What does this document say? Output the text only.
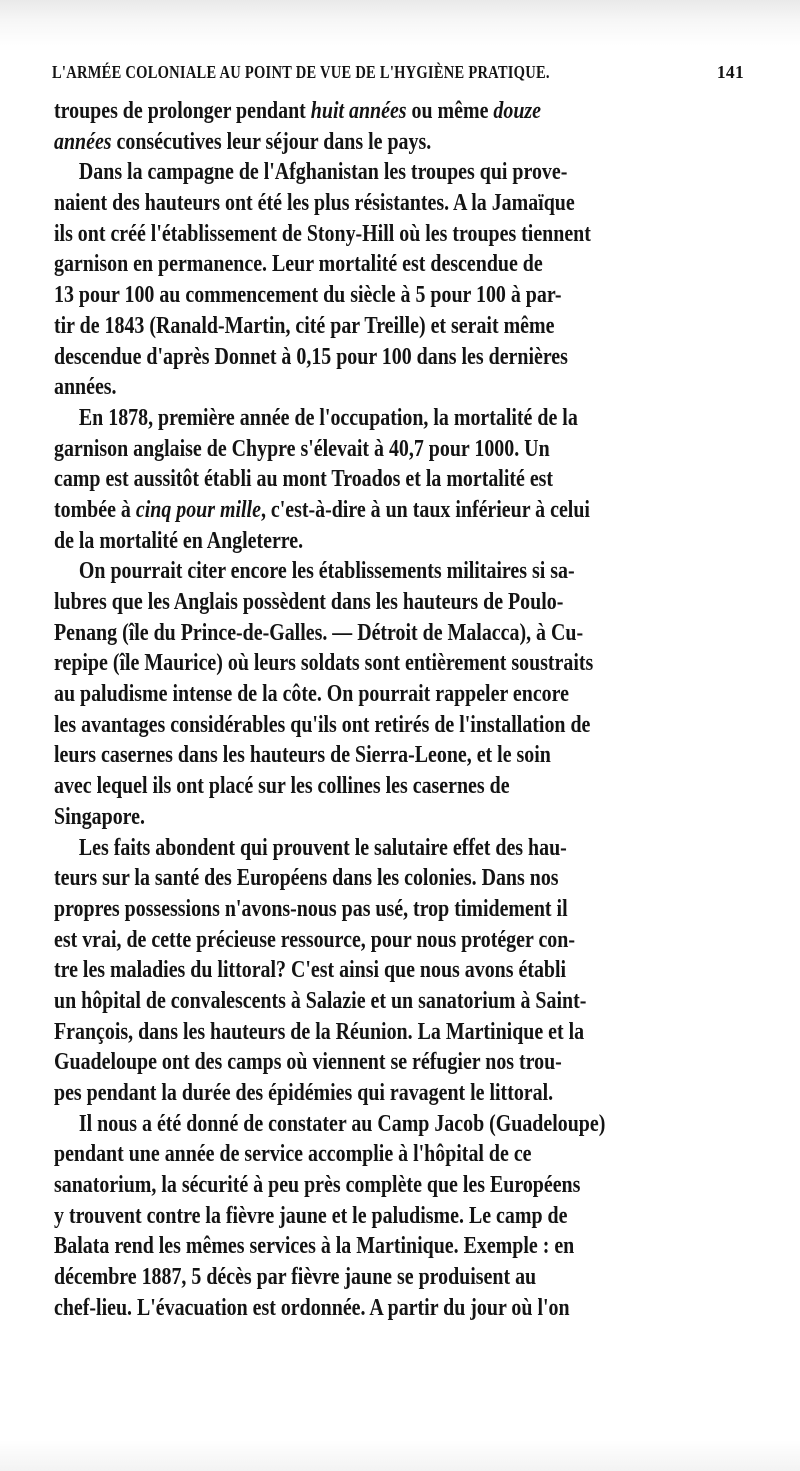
L'ARMÉE COLONIALE AU POINT DE VUE DE L'HYGIÈNE PRATIQUE.	141
troupes de prolonger pendant huit années ou même douze
années consécutives leur séjour dans le pays.
Dans la campagne de l'Afghanistan les troupes qui prove-
naient des hauteurs ont été les plus résistantes. A la Jamaïque
ils ont créé l'établissement de Stony-Hill où les troupes tiennent
garnison en permanence. Leur mortalité est descendue de
13 pour 100 au commencement du siècle à 5 pour 100 à par-
tir de 1843 (Ranald-Martin, cité par Treille) et serait même
descendue d'après Donnet à 0,15 pour 100 dans les dernières
années.
En 1878, première année de l'occupation, la mortalité de la
garnison anglaise de Chypre s'élevait à 40,7 pour 1000. Un
camp est aussitôt établi au mont Troados et la mortalité est
tombée à cinq pour mille, c'est-à-dire à un taux inférieur à celui
de la mortalité en Angleterre.
On pourrait citer encore les établissements militaires si sa-
lubres que les Anglais possèdent dans les hauteurs de Poulo-
Penang (île du Prince-de-Galles. — Détroit de Malacca), à Cu-
repipe (île Maurice) où leurs soldats sont entièrement soustraits
au paludisme intense de la côte. On pourrait rappeler encore
les avantages considérables qu'ils ont retirés de l'installation de
leurs casernes dans les hauteurs de Sierra-Leone, et le soin
avec lequel ils ont placé sur les collines les casernes de
Singapore.
Les faits abondent qui prouvent le salutaire effet des hau-
teurs sur la santé des Européens dans les colonies. Dans nos
propres possessions n'avons-nous pas usé, trop timidement il
est vrai, de cette précieuse ressource, pour nous protéger con-
tre les maladies du littoral? C'est ainsi que nous avons établi
un hôpital de convalescents à Salazie et un sanatorium à Saint-
François, dans les hauteurs de la Réunion. La Martinique et la
Guadeloupe ont des camps où viennent se réfugier nos trou-
pes pendant la durée des épidémies qui ravagent le littoral.
Il nous a été donné de constater au Camp Jacob (Guadeloupe)
pendant une année de service accomplie à l'hôpital de ce
sanatorium, la sécurité à peu près complète que les Européens
y trouvent contre la fièvre jaune et le paludisme. Le camp de
Balata rend les mêmes services à la Martinique. Exemple : en
décembre 1887, 5 décès par fièvre jaune se produisent au
chef-lieu. L'évacuation est ordonnée. A partir du jour où l'on
